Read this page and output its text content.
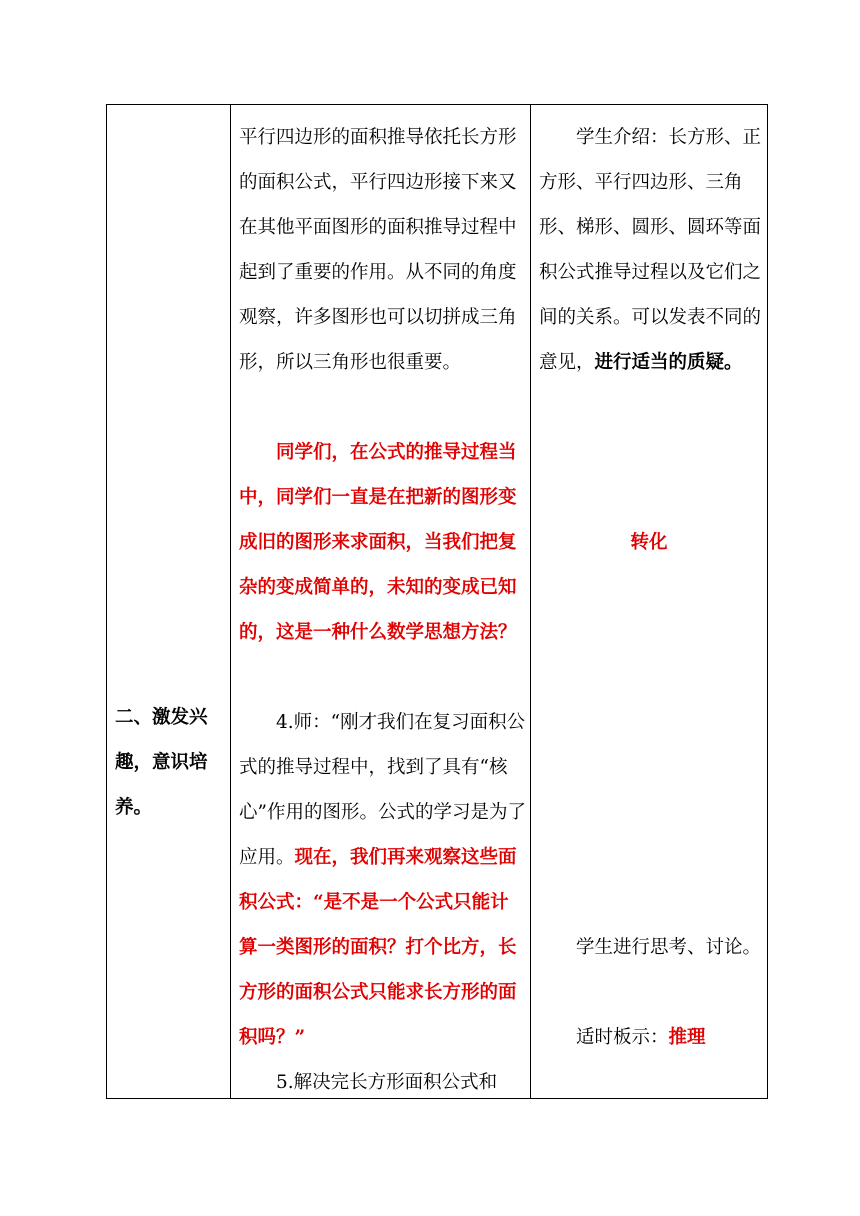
二、激发兴趣，意识培养。

平行四边形的面积推导依托长方形的面积公式，平行四边形接下来又在其他平面图形的面积推导过程中起到了重要的作用。从不同的角度观察，许多图形也可以切拼成三角形，所以三角形也很重要。
同学们，在公式的推导过程当中，同学们一直是在把新的图形变成旧的图形来求面积，当我们把复杂的变成简单的，未知的变成已知的，这是一种什么数学思想方法？
4.师：“刚才我们在复习面积公式的推导过程中，找到了具有“核心”作用的图形。公式的学习是为了应用。现在，我们再来观察这些面积公式：“是不是一个公式只能计算一类图形的面积？打个比方，长方形的面积公式只能求长方形的面积吗？”
5.解决完长方形面积公式和

学生介绍：长方形、正方形、平行四边形、三角形、梯形、圆形、圆环等面积公式推导过程以及它们之间的关系。可以发表不同的意见，进行适当的质疑。
转化
学生进行思考、讨论。
适时板示：推理
